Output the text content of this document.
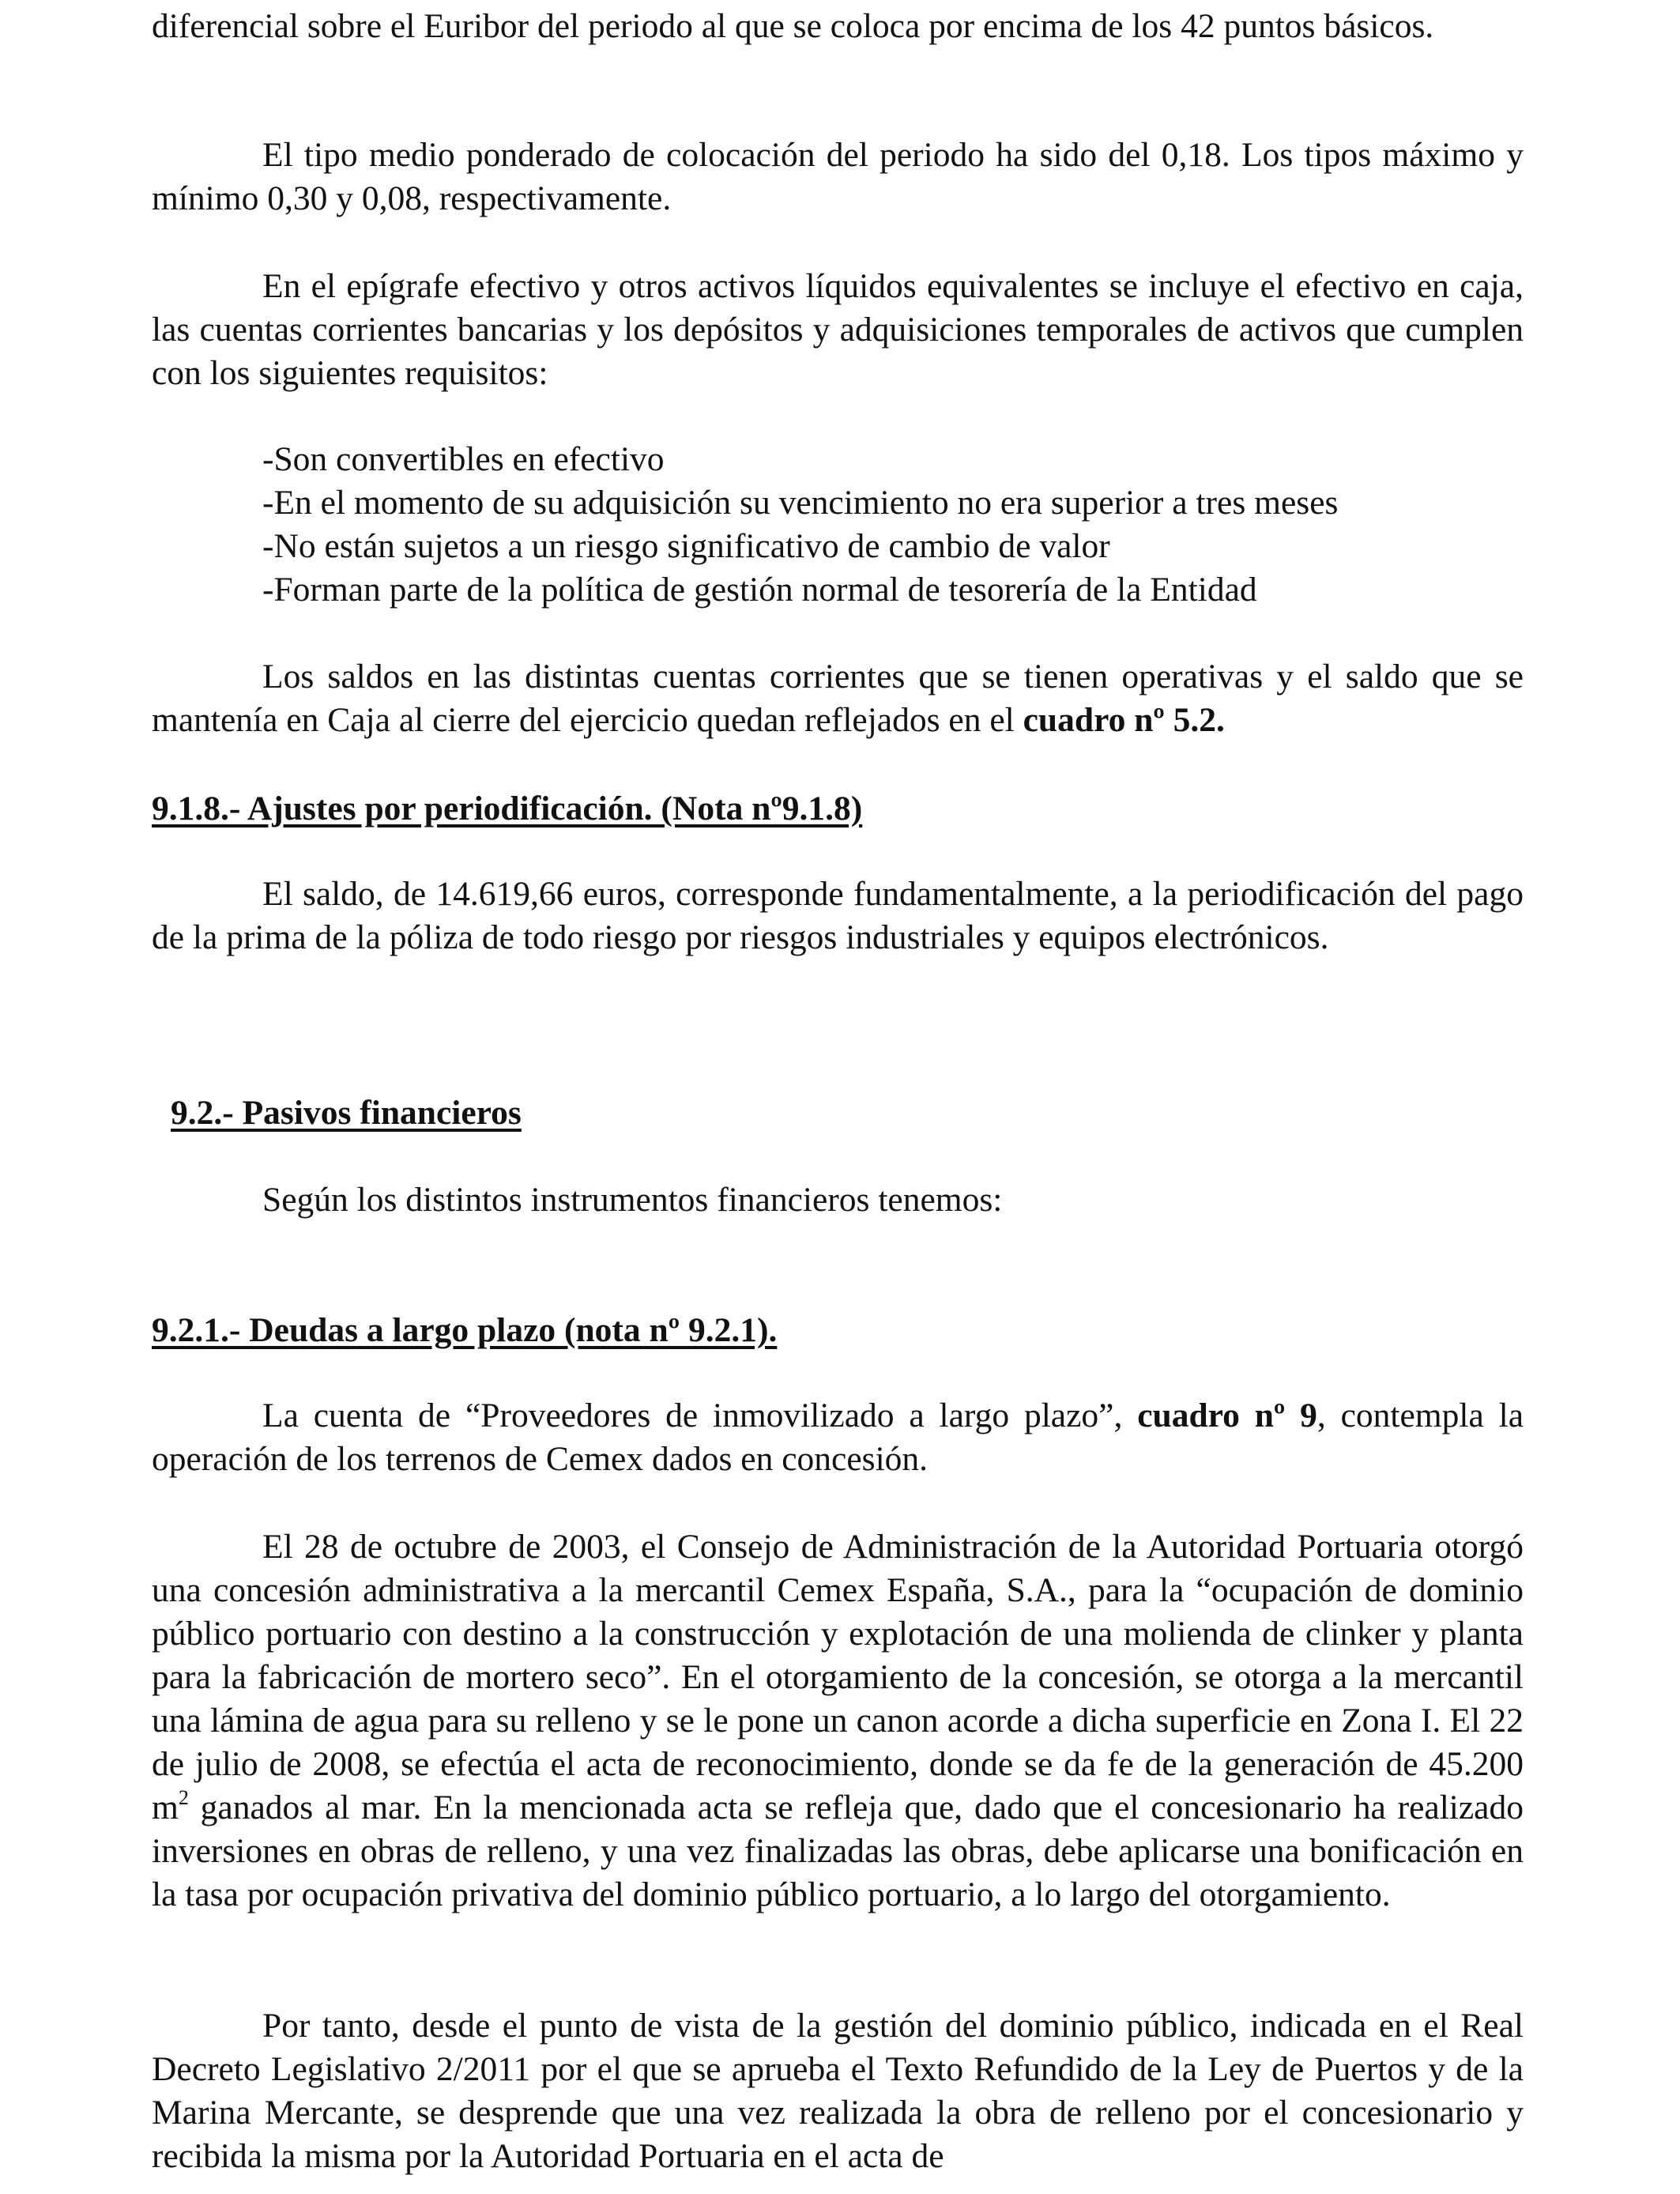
diferencial sobre el Euribor del periodo al que se coloca por encima de los 42 puntos básicos.

El tipo medio ponderado de colocación del periodo ha sido del 0,18. Los tipos máximo y mínimo 0,30 y 0,08, respectivamente.

En el epígrafe efectivo y otros activos líquidos equivalentes se incluye el efectivo en caja, las cuentas corrientes bancarias y los depósitos y adquisiciones temporales de activos que cumplen con los siguientes requisitos:

-Son convertibles en efectivo
-En el momento de su adquisición su vencimiento no era superior a tres meses
-No están sujetos a un riesgo significativo de cambio de valor
-Forman parte de la política de gestión normal de tesorería de la Entidad

Los saldos en las distintas cuentas corrientes que se tienen operativas y el saldo que se mantenía en Caja al cierre del ejercicio quedan reflejados en el cuadro nº 5.2.

9.1.8.- Ajustes por periodificación. (Nota nº9.1.8)

El saldo, de 14.619,66 euros, corresponde fundamentalmente, a la periodificación del pago de la prima de la póliza de todo riesgo por riesgos industriales y equipos electrónicos.

9.2.- Pasivos financieros
Según los distintos instrumentos financieros tenemos:
9.2.1.- Deudas a largo plazo (nota nº 9.2.1).

La cuenta de “Proveedores de inmovilizado a largo plazo”, cuadro nº 9, contempla la operación de los terrenos de Cemex dados en concesión.

El 28 de octubre de 2003, el Consejo de Administración de la Autoridad Portuaria otorgó una concesión administrativa a la mercantil Cemex España, S.A., para la “ocupación de dominio público portuario con destino a la construcción y explotación de una molienda de clinker y planta para la fabricación de mortero seco”. En el otorgamiento de la concesión, se otorga a la mercantil una lámina de agua para su relleno y se le pone un canon acorde a dicha superficie en Zona I. El 22 de julio de 2008, se efectúa el acta de reconocimiento, donde se da fe de la generación de 45.200 $m^2$ ganados al mar. En la mencionada acta se refleja que, dado que el concesionario ha realizado inversiones en obras de relleno, y una vez finalizadas las obras, debe aplicarse una bonificación en la tasa por ocupación privativa del dominio público portuario, a lo largo del otorgamiento.

Por tanto, desde el punto de vista de la gestión del dominio público, indicada en el Real Decreto Legislativo 2/2011 por el que se aprueba el Texto Refundido de la Ley de Puertos y de la Marina Mercante, se desprende que una vez realizada la obra de relleno por el concesionario y recibida la misma por la Autoridad Portuaria en el acta de
